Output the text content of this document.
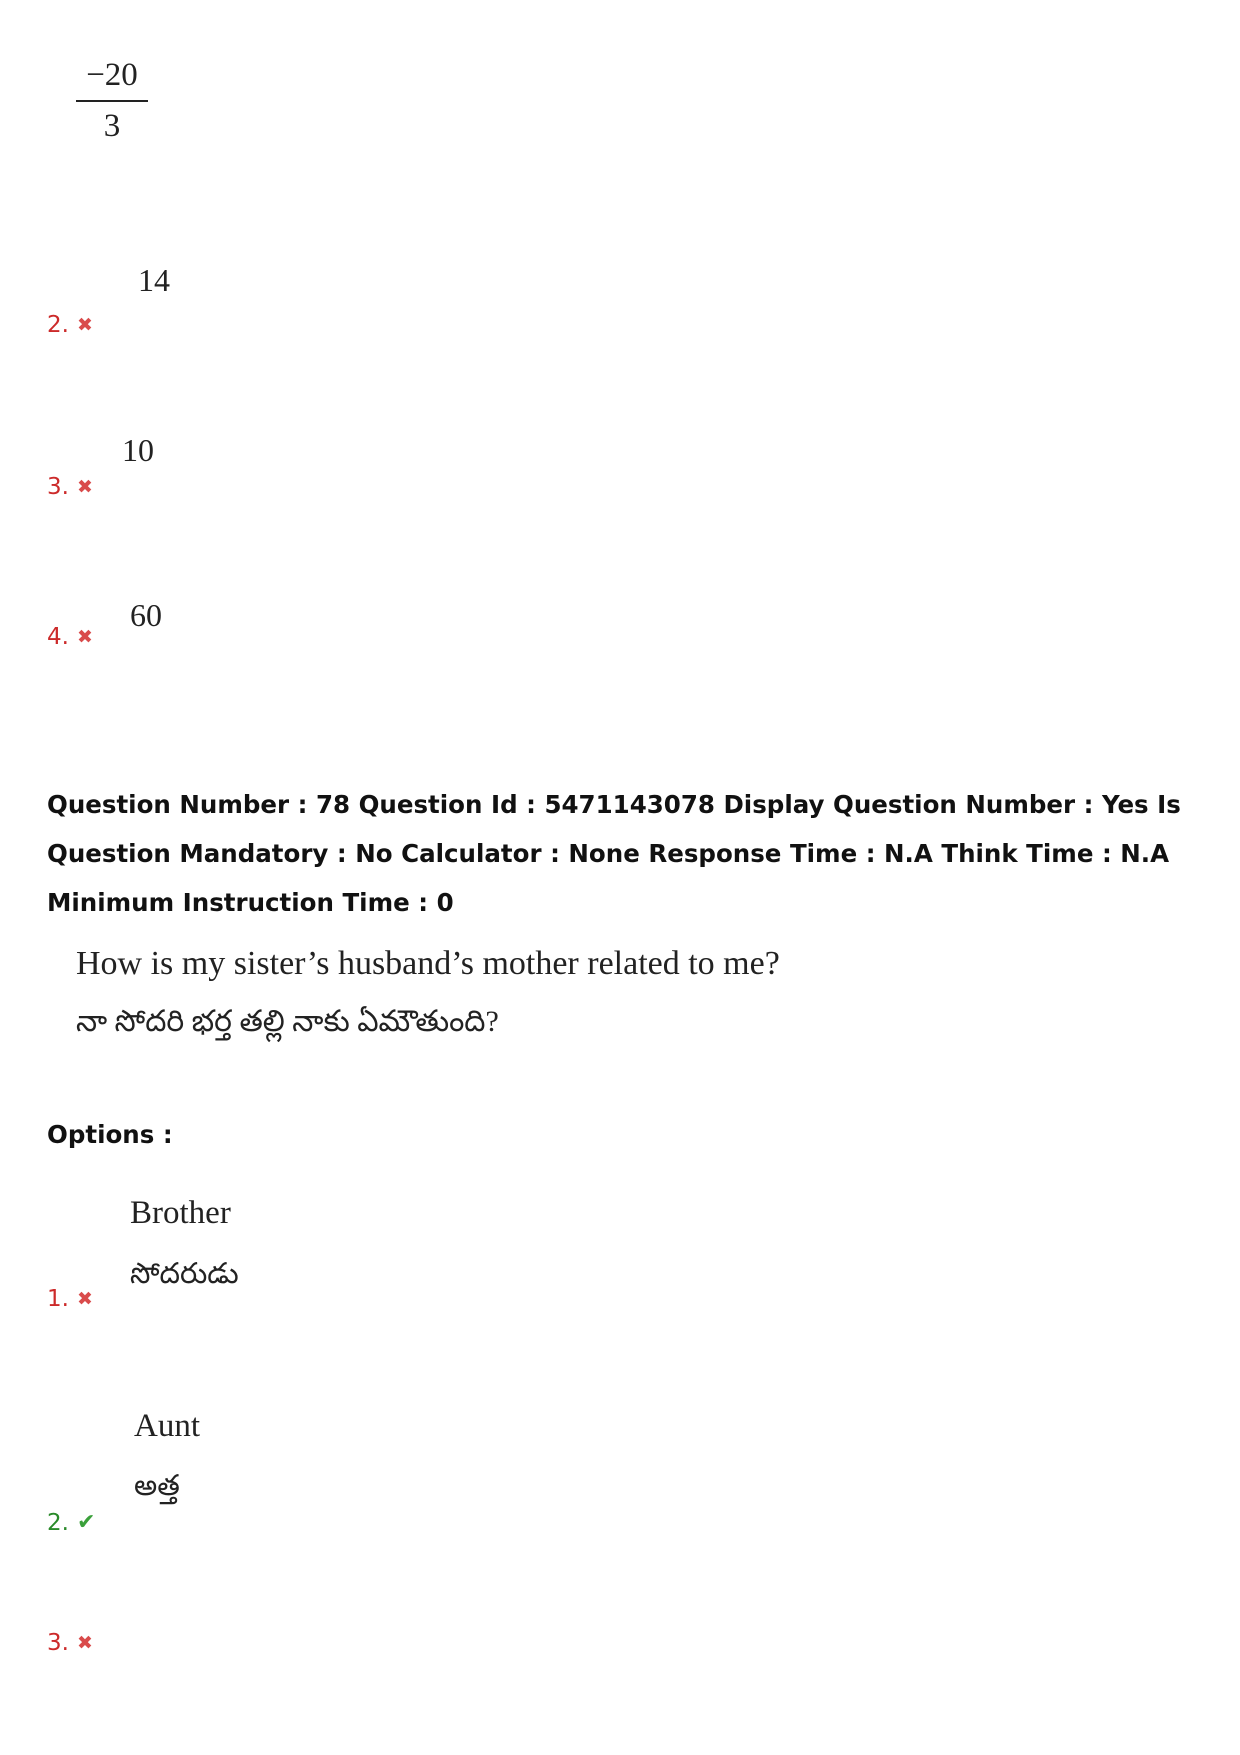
−20
3
14
2. ✖
10
3. ✖
60
4. ✖
Question Number : 78 Question Id : 5471143078 Display Question Number : Yes Is Question Mandatory : No Calculator : None Response Time : N.A Think Time : N.A Minimum Instruction Time : 0
How is my sister’s husband’s mother related to me?
నా సోదరి భర్త తల్లి నాకు ఏమౌతుంది?
Options :
Brother
సోదరుడు
1. ✖
Aunt
అత్త
2. ✔
3. ✖
